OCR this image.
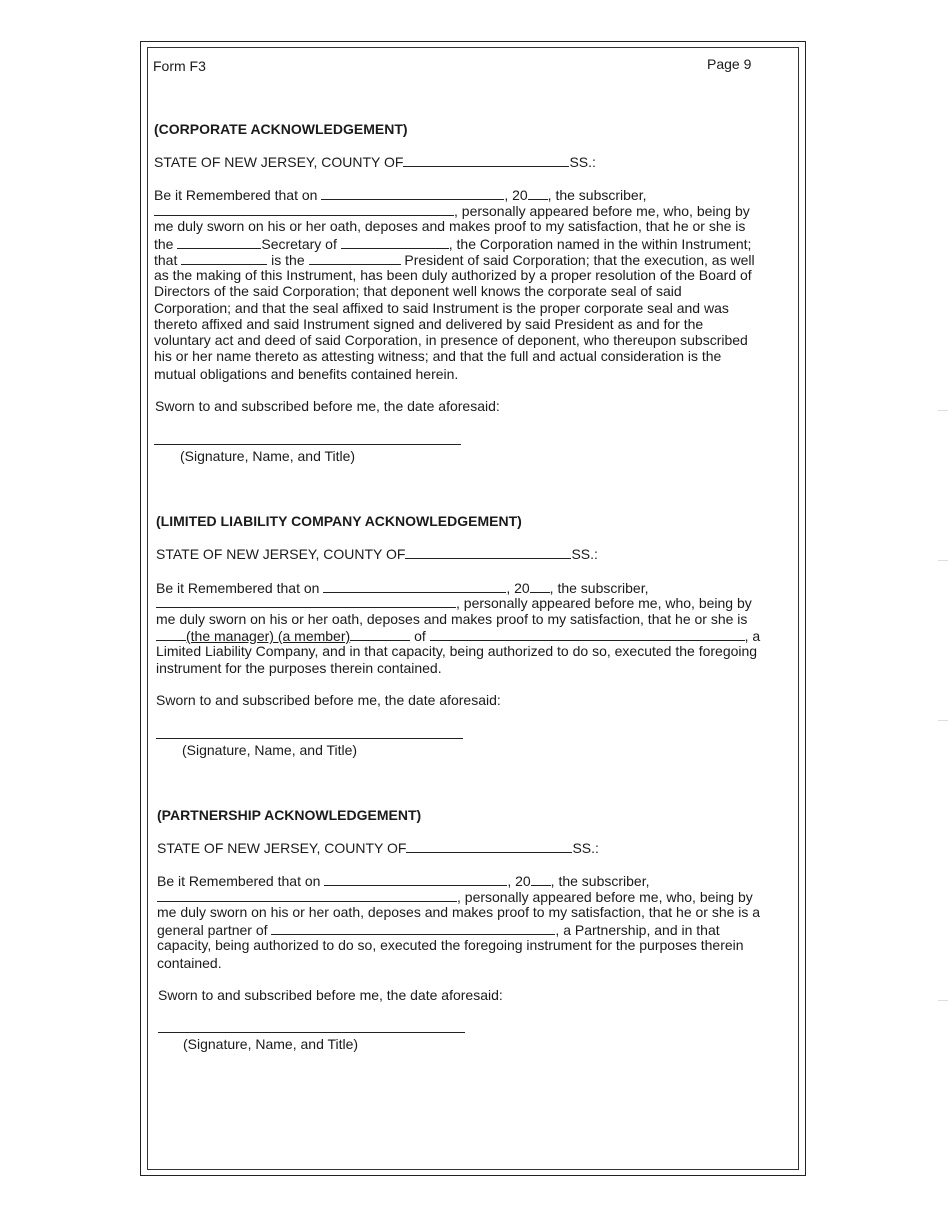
Form F3	Page 9
(CORPORATE ACKNOWLEDGEMENT)
STATE OF NEW JERSEY, COUNTY OF	SS.:
Be it Remembered that on	, 20 , the subscriber,
, personally appeared before me, who, being by
me duly sworn on his or her oath, deposes and makes proof to my satisfaction, that he or she is
the	Secretary of	, the Corporation named in the within Instrument;
that	is the	President of said Corporation; that the execution, as well
as the making of this Instrument, has been duly authorized by a proper resolution of the Board of
Directors of the said Corporation; that deponent well knows the corporate seal of said
Corporation; and that the seal affixed to said Instrument is the proper corporate seal and was
thereto affixed and said Instrument signed and delivered by said President as and for the
voluntary act and deed of said Corporation, in presence of deponent, who thereupon subscribed
his or her name thereto as attesting witness; and that the full and actual consideration is the
mutual obligations and benefits contained herein.
Sworn to and subscribed before me, the date aforesaid:
(Signature, Name, and Title)
(LIMITED LIABILITY COMPANY ACKNOWLEDGEMENT)
STATE OF NEW JERSEY, COUNTY OF	SS.:
Be it Remembered that on	, 20 , the subscriber,
, personally appeared before me, who, being by
me duly sworn on his or her oath, deposes and makes proof to my satisfaction, that he or she is
(the manager) (a member)	of	, a
Limited Liability Company, and in that capacity, being authorized to do so, executed the foregoing
instrument for the purposes therein contained.
Sworn to and subscribed before me, the date aforesaid:
(Signature, Name, and Title)
(PARTNERSHIP ACKNOWLEDGEMENT)
STATE OF NEW JERSEY, COUNTY OF	SS.:
Be it Remembered that on	, 20 , the subscriber,
, personally appeared before me, who, being by
me duly sworn on his or her oath, deposes and makes proof to my satisfaction, that he or she is a
general partner of	, a Partnership, and in that
capacity, being authorized to do so, executed the foregoing instrument for the purposes therein
contained.
Sworn to and subscribed before me, the date aforesaid:
(Signature, Name, and Title)
